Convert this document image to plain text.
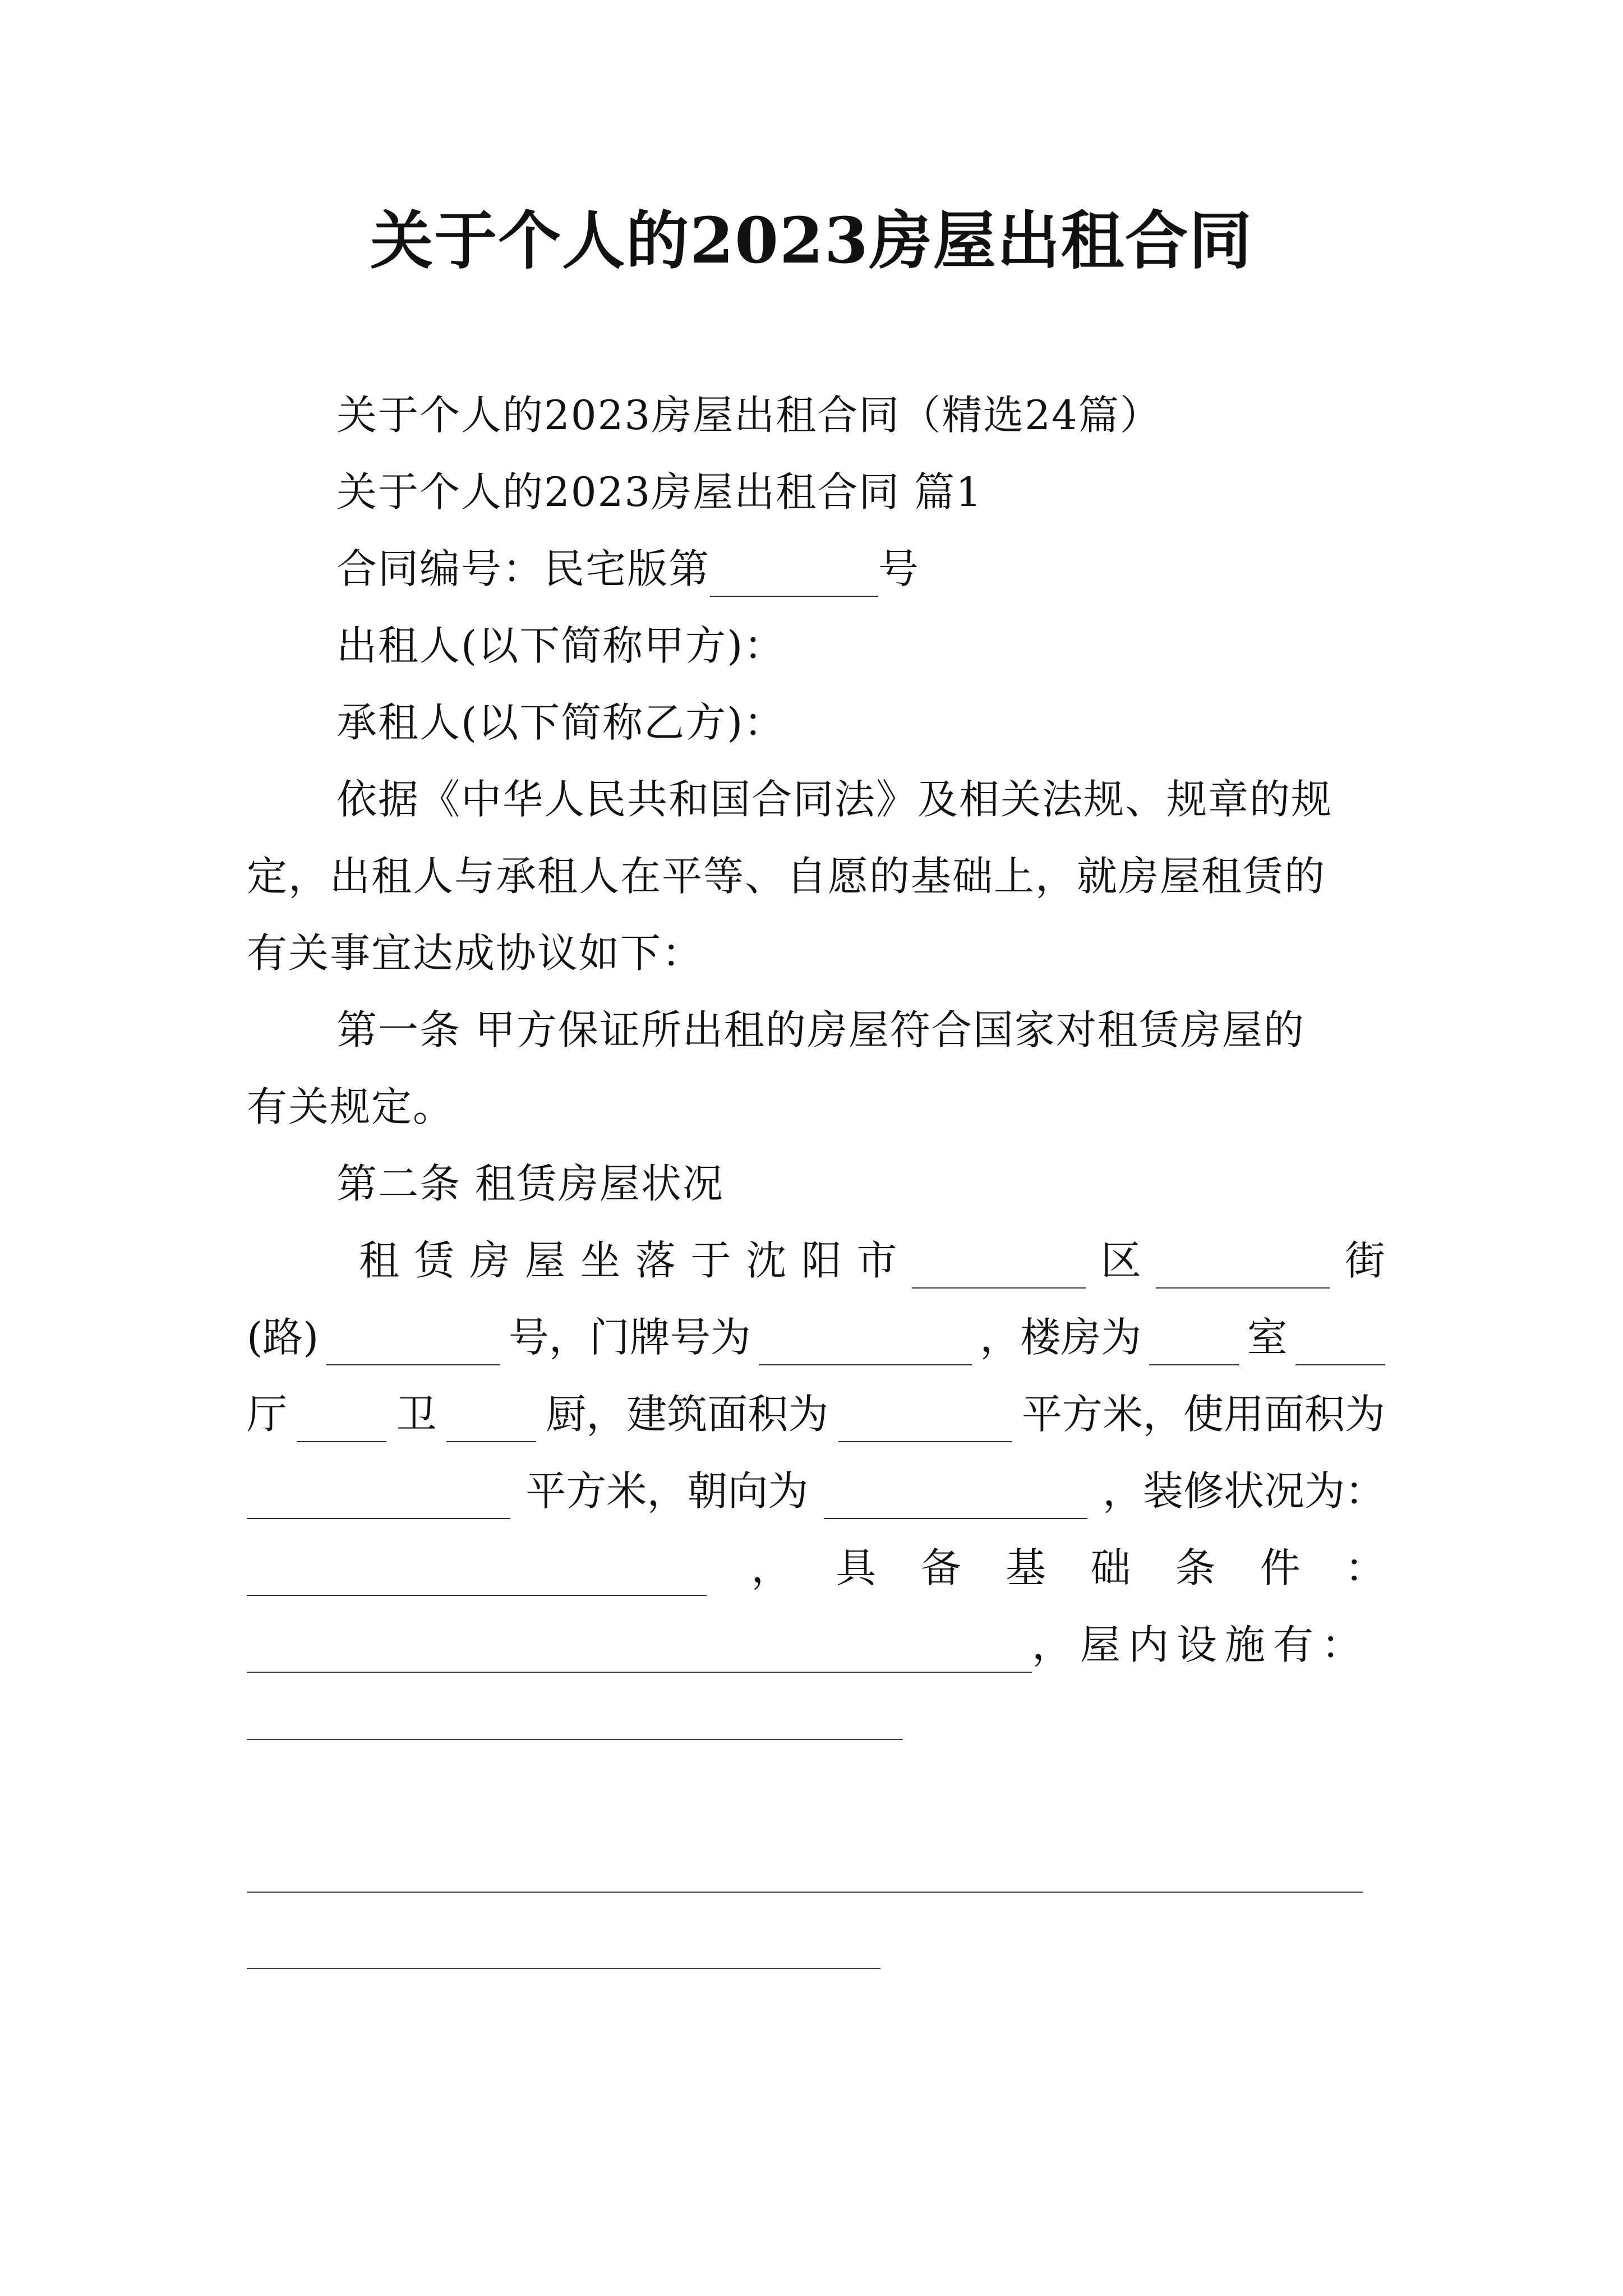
关于个人的2023房屋出租合同
关于个人的2023房屋出租合同（精选24篇）
关于个人的2023房屋出租合同 篇1
合同编号：民宅版第	号
出租人(以下简称甲方)：
承租人(以下简称乙方)：
依据《中华人民共和国合同法》及相关法规、规章的规
定，出租人与承租人在平等、自愿的基础上，就房屋租赁的
有关事宜达成协议如下：
第一条 甲方保证所出租的房屋符合国家对租赁房屋的
有关规定。
第二条 租赁房屋状况
租 赁 房 屋 坐 落 于 沈 阳 市	区	街
(路)	号，门牌号为	，楼房为	室
厅	卫	厨，建筑面积为	平方米，使用面积为
平方米，朝向为	，装修状况为：
， 具 备 基 础 条 件 ：
，屋内设施有：
